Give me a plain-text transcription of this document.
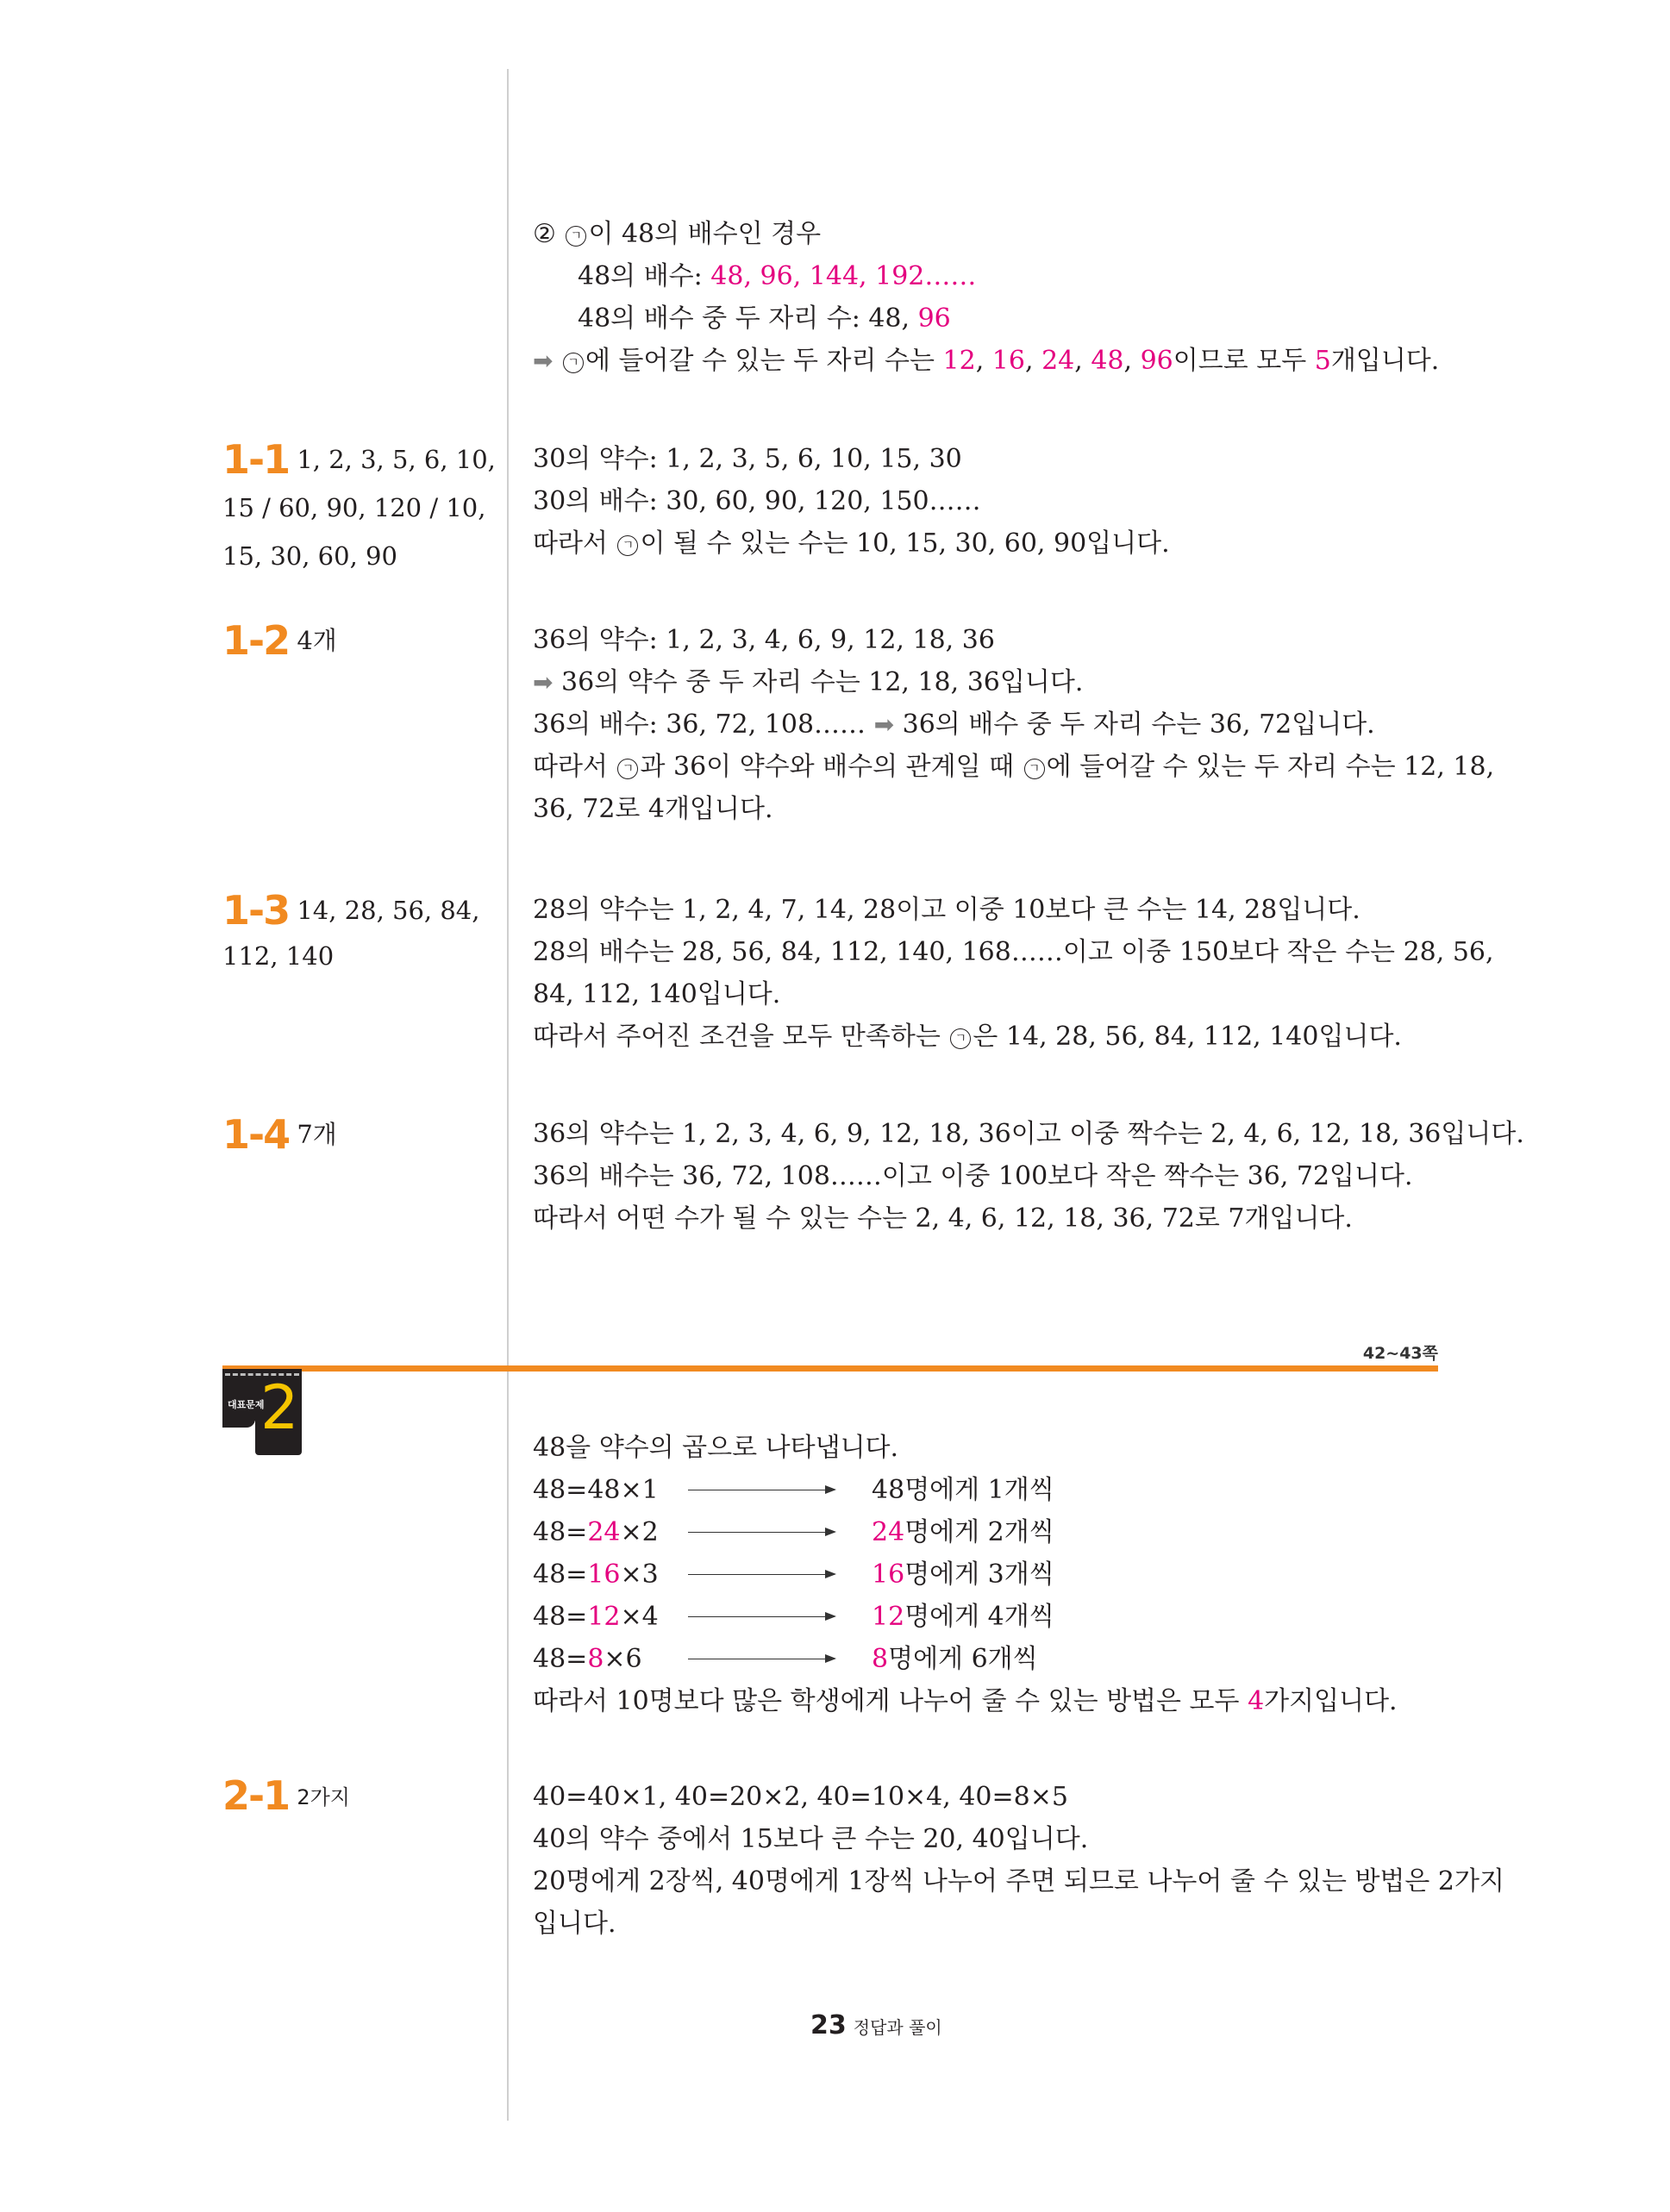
② ㄱ 이 48의 배수인 경우
48의 배수: 48, 96, 144, 192……
48의 배수 중 두 자리 수: 48, 96
➡ ㄱ 에 들어갈 수 있는 두 자리 수는 12, 16, 24, 48, 96이므로 모두 5개입니다.
1-1 1, 2, 3, 5, 6, 10,
15 / 60, 90, 120 / 10,
15, 30, 60, 90
30의 약수: 1, 2, 3, 5, 6, 10, 15, 30
30의 배수: 30, 60, 90, 120, 150……
따라서 ㄱ 이 될 수 있는 수는 10, 15, 30, 60, 90입니다.
1-2 4개	36의 약수: 1, 2, 3, 4, 6, 9, 12, 18, 36
➡ 36의 약수 중 두 자리 수는 12, 18, 36입니다.
36의 배수: 36, 72, 108…… ➡ 36의 배수 중 두 자리 수는 36, 72입니다.
따라서 ㄱ 과 36이 약수와 배수의 관계일 때 ㄱ 에 들어갈 수 있는 두 자리 수는 12, 18,
36, 72로 4개입니다.
1-3 14, 28, 56, 84,
112, 140
28의 약수는 1, 2, 4, 7, 14, 28이고 이중 10보다 큰 수는 14, 28입니다.
28의 배수는 28, 56, 84, 112, 140, 168……이고 이중 150보다 작은 수는 28, 56,
84, 112, 140입니다.
따라서 주어진 조건을 모두 만족하는 ㄱ 은 14, 28, 56, 84, 112, 140입니다.
1-4 7개	36의 약수는 1, 2, 3, 4, 6, 9, 12, 18, 36이고 이중 짝수는 2, 4, 6, 12, 18, 36입니다.
36의 배수는 36, 72, 108……이고 이중 100보다 작은 짝수는 36, 72입니다.
따라서 어떤 수가 될 수 있는 수는 2, 4, 6, 12, 18, 36, 72로 7개입니다.
42~43쪽
대표문제
2
48을 약수의 곱으로 나타냅니다.
48=48×1	48명에게 1개씩
48=24×2	24명에게 2개씩
48=16×3	16명에게 3개씩
48=12×4	12명에게 4개씩
48=8×6	8명에게 6개씩
따라서 10명보다 많은 학생에게 나누어 줄 수 있는 방법은 모두 4가지입니다.
2-1 2가지	40=40×1, 40=20×2, 40=10×4, 40=8×5
40의 약수 중에서 15보다 큰 수는 20, 40입니다.
20명에게 2장씩, 40명에게 1장씩 나누어 주면 되므로 나누어 줄 수 있는 방법은 2가지
입니다.
23 정답과 풀이
